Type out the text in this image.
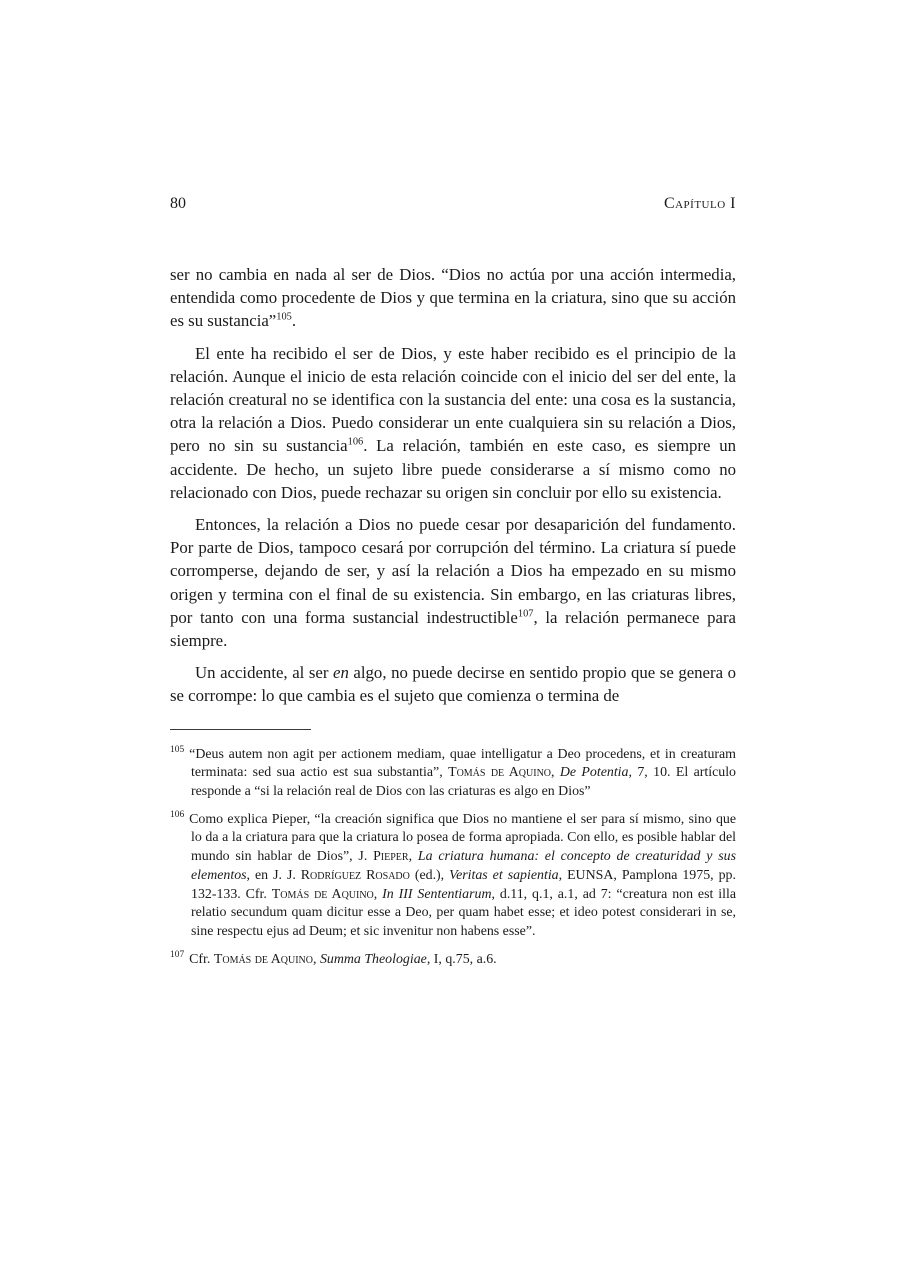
80	Capítulo I

ser no cambia en nada al ser de Dios. “Dios no actúa por una acción intermedia, entendida como procedente de Dios y que termina en la criatura, sino que su acción es su sustancia”$^{105}$.

El ente ha recibido el ser de Dios, y este haber recibido es el principio de la relación. Aunque el inicio de esta relación coincide con el inicio del ser del ente, la relación creatural no se identifica con la sustancia del ente: una cosa es la sustancia, otra la relación a Dios. Puedo considerar un ente cualquiera sin su relación a Dios, pero no sin su sustancia$^{106}$. La relación, también en este caso, es siempre un accidente. De hecho, un sujeto libre puede considerarse a sí mismo como no relacionado con Dios, puede rechazar su origen sin concluir por ello su existencia.

Entonces, la relación a Dios no puede cesar por desaparición del fundamento. Por parte de Dios, tampoco cesará por corrupción del término. La criatura sí puede corromperse, dejando de ser, y así la relación a Dios ha empezado en su mismo origen y termina con el final de su existencia. Sin embargo, en las criaturas libres, por tanto con una forma sustancial indestructible$^{107}$, la relación permanece para siempre.

Un accidente, al ser en algo, no puede decirse en sentido propio que se genera o se corrompe: lo que cambia es el sujeto que comienza o termina de

$^{105}$ “Deus autem non agit per actionem mediam, quae intelligatur a Deo procedens, et in creaturam terminata: sed sua actio est sua substantia”, Tomás de Aquino, De Potentia, 7, 10. El artículo responde a “si la relación real de Dios con las criaturas es algo en Dios”
$^{106}$ Como explica Pieper, “la creación significa que Dios no mantiene el ser para sí mismo, sino que lo da a la criatura para que la criatura lo posea de forma apropiada. Con ello, es posible hablar del mundo sin hablar de Dios”, J. Pieper, La criatura humana: el concepto de creaturidad y sus elementos, en J. J. Rodríguez Rosado (ed.), Veritas et sapientia, EUNSA, Pamplona 1975, pp. 132-133. Cfr. Tomás de Aquino, In III Sententiarum, d.11, q.1, a.1, ad 7: “creatura non est illa relatio secundum quam dicitur esse a Deo, per quam habet esse; et ideo potest considerari in se, sine respectu ejus ad Deum; et sic invenitur non habens esse”.
$^{107}$ Cfr. Tomás de Aquino, Summa Theologiae, I, q.75, a.6.
